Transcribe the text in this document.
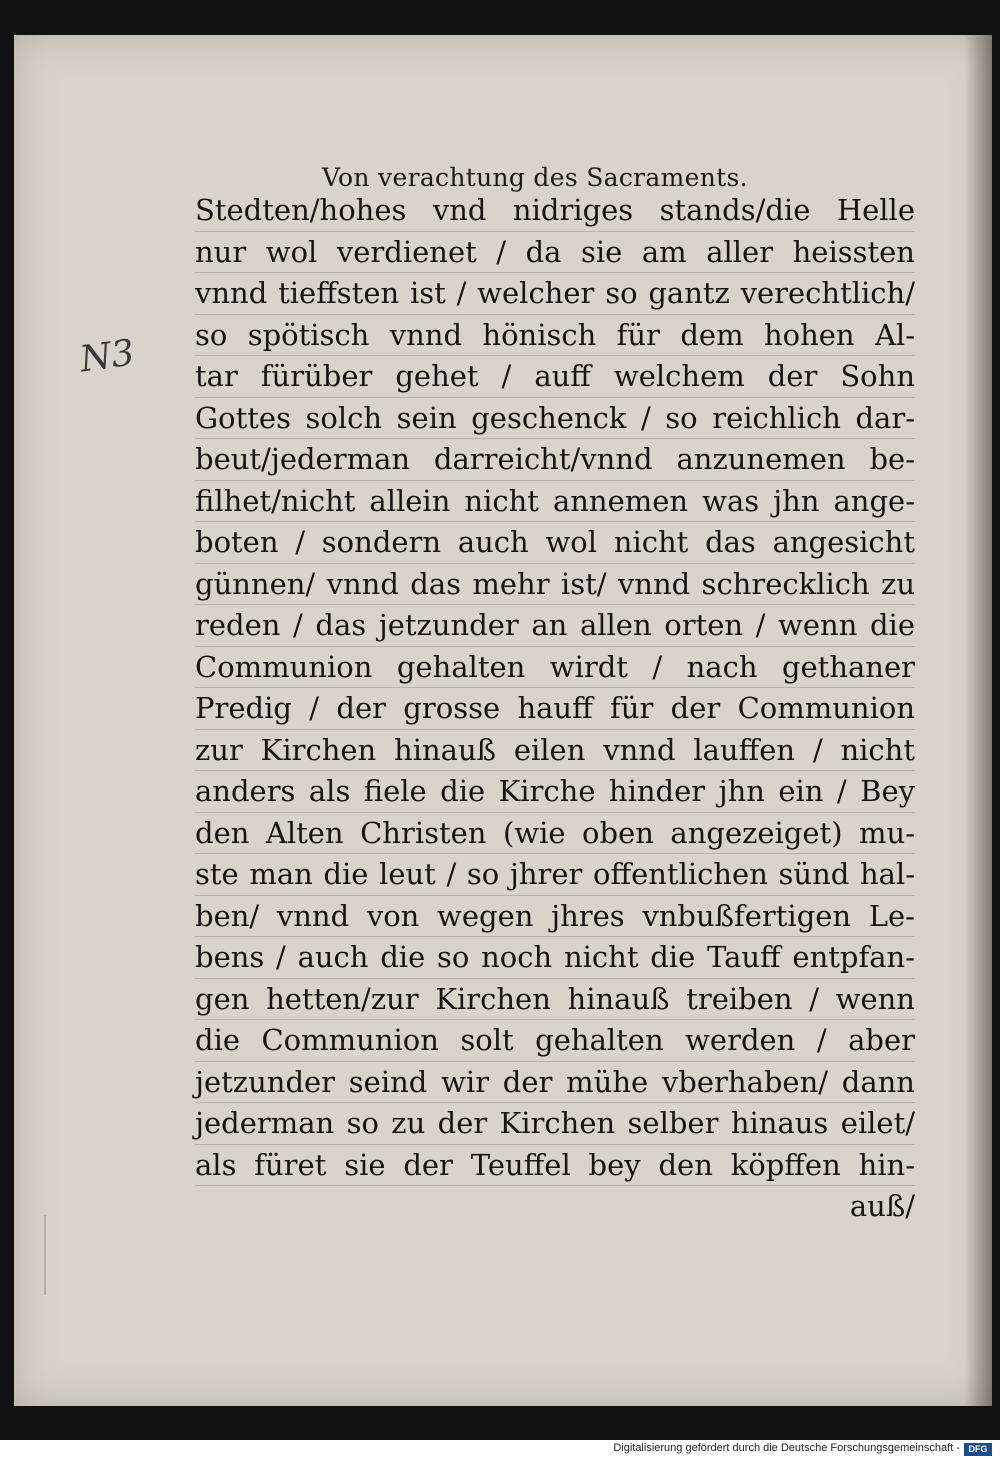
Von verachtung des Sacraments.
N3
Stedten/hohes vnd nidriges stands/die Helle
nur wol verdienet / da sie am aller heissten
vnnd tieffsten ist / welcher so gantz verechtlich/
so spötisch vnnd hönisch für dem hohen Al-
tar fürüber gehet / auff welchem der Sohn
Gottes solch sein geschenck / so reichlich dar-
beut/jederman darreicht/vnnd anzunemen be-
filhet/nicht allein nicht annemen was jhn ange-
boten / sondern auch wol nicht das angesicht
günnen/ vnnd das mehr ist/ vnnd schrecklich zu
reden / das jetzunder an allen orten / wenn die
Communion gehalten wirdt / nach gethaner
Predig / der grosse hauff für der Communion
zur Kirchen hinauß eilen vnnd lauffen / nicht
anders als fiele die Kirche hinder jhn ein / Bey
den Alten Christen (wie oben angezeiget) mu-
ste man die leut / so jhrer offentlichen sünd hal-
ben/ vnnd von wegen jhres vnbußfertigen Le-
bens / auch die so noch nicht die Tauff entpfan-
gen hetten/zur Kirchen hinauß treiben / wenn
die Communion solt gehalten werden / aber
jetzunder seind wir der mühe vberhaben/ dann
jederman so zu der Kirchen selber hinaus eilet/
als füret sie der Teuffel bey den köpffen hin-
auß/
Digitalisierung gefördert durch die Deutsche Forschungsgemeinschaft - DFG
